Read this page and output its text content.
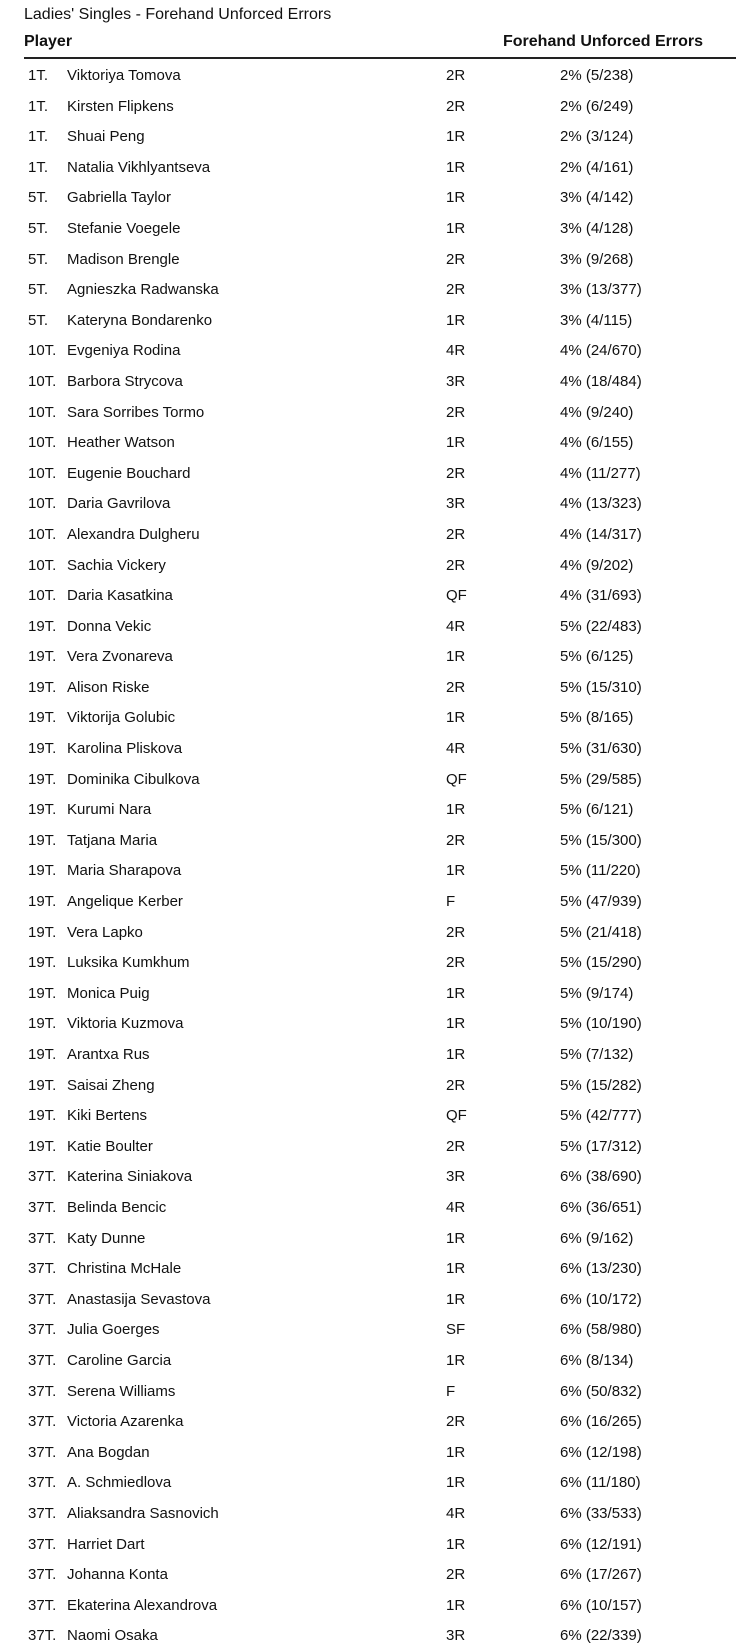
Ladies' Singles - Forehand Unforced Errors
Player	Forehand Unforced Errors
1T. Viktoriya Tomova	2R	2% (5/238)
1T. Kirsten Flipkens	2R	2% (6/249)
1T. Shuai Peng	1R	2% (3/124)
1T. Natalia Vikhlyantseva	1R	2% (4/161)
5T. Gabriella Taylor	1R	3% (4/142)
5T. Stefanie Voegele	1R	3% (4/128)
5T. Madison Brengle	2R	3% (9/268)
5T. Agnieszka Radwanska	2R	3% (13/377)
5T. Kateryna Bondarenko	1R	3% (4/115)
10T. Evgeniya Rodina	4R	4% (24/670)
10T. Barbora Strycova	3R	4% (18/484)
10T. Sara Sorribes Tormo	2R	4% (9/240)
10T. Heather Watson	1R	4% (6/155)
10T. Eugenie Bouchard	2R	4% (11/277)
10T. Daria Gavrilova	3R	4% (13/323)
10T. Alexandra Dulgheru	2R	4% (14/317)
10T. Sachia Vickery	2R	4% (9/202)
10T. Daria Kasatkina	QF	4% (31/693)
19T. Donna Vekic	4R	5% (22/483)
19T. Vera Zvonareva	1R	5% (6/125)
19T. Alison Riske	2R	5% (15/310)
19T. Viktorija Golubic	1R	5% (8/165)
19T. Karolina Pliskova	4R	5% (31/630)
19T. Dominika Cibulkova	QF	5% (29/585)
19T. Kurumi Nara	1R	5% (6/121)
19T. Tatjana Maria	2R	5% (15/300)
19T. Maria Sharapova	1R	5% (11/220)
19T. Angelique Kerber	F	5% (47/939)
19T. Vera Lapko	2R	5% (21/418)
19T. Luksika Kumkhum	2R	5% (15/290)
19T. Monica Puig	1R	5% (9/174)
19T. Viktoria Kuzmova	1R	5% (10/190)
19T. Arantxa Rus	1R	5% (7/132)
19T. Saisai Zheng	2R	5% (15/282)
19T. Kiki Bertens	QF	5% (42/777)
19T. Katie Boulter	2R	5% (17/312)
37T. Katerina Siniakova	3R	6% (38/690)
37T. Belinda Bencic	4R	6% (36/651)
37T. Katy Dunne	1R	6% (9/162)
37T. Christina McHale	1R	6% (13/230)
37T. Anastasija Sevastova	1R	6% (10/172)
37T. Julia Goerges	SF	6% (58/980)
37T. Caroline Garcia	1R	6% (8/134)
37T. Serena Williams	F	6% (50/832)
37T. Victoria Azarenka	2R	6% (16/265)
37T. Ana Bogdan	1R	6% (12/198)
37T. A. Schmiedlova	1R	6% (11/180)
37T. Aliaksandra Sasnovich	4R	6% (33/533)
37T. Harriet Dart	1R	6% (12/191)
37T. Johanna Konta	2R	6% (17/267)
37T. Ekaterina Alexandrova	1R	6% (10/157)
37T. Naomi Osaka	3R	6% (22/339)
